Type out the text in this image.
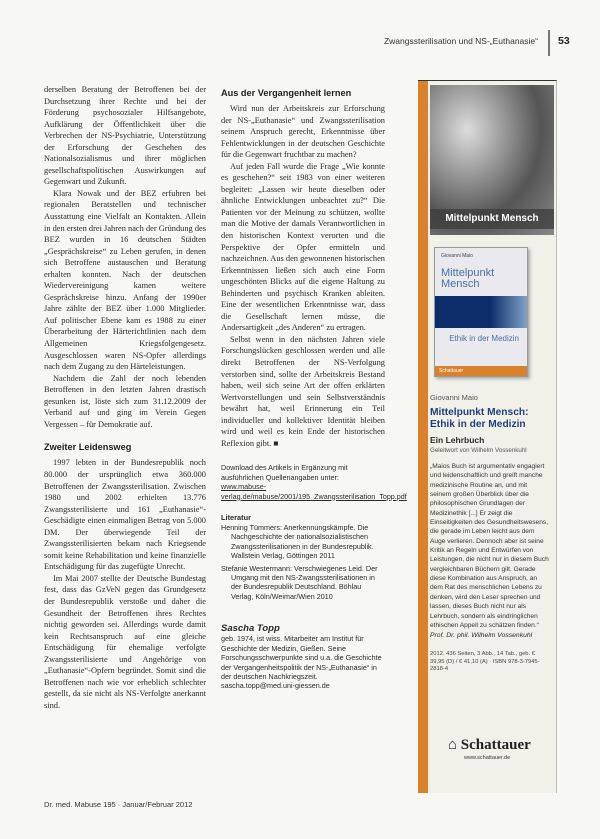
Zwangssterilisation und NS-„Euthanasie“ 53

derselben Beratung der Betroffenen bei der Durchsetzung ihrer Rechte und bei der Förderung psychosozialer Hilfsangebote, Aufklärung der Öffentlichkeit über die Verbrechen der NS-Psychiatrie, Unterstützung der Erforschung der Geschehen des Nationalsozialismus und ihrer möglichen gesellschaftspolitischen Auswirkungen auf Gegenwart und Zukunft.

Klara Nowak und der BEZ erfuhren bei regionalen Beratstellen und technischer Ausstattung eine Vielfalt an Kontakten. Allein in den ersten drei Jahren nach der Gründung des BEZ wurden in 16 deutschen Städten „Gesprächskreise“ zu Leben gerufen, in denen sich Betroffene austauschen und Beratung erhalten konnten. Nach der deutschen Wiedervereinigung kamen weitere Gesprächskreise hinzu. Anfang der 1990er Jahre zählte der BEZ über 1.000 Mitglieder. Auf politischer Ebene kam es 1988 zu einer Überarbeitung der Härterichtlinien nach dem Allgemeinen Kriegsfolgengesetz. Ausgeschlossen waren NS-Opfer allerdings nach dem Zugang zu den Härteleistungen.

Nachdem die Zahl der noch lebenden Betroffenen in den letzten Jahren drastisch gesunken ist, löste sich zum 31.12.2009 der Verband auf und ging im Verein Gegen Vergessen – für Demokratie auf.

Zweiter Leidensweg

1997 lebten in der Bundesrepublik noch 80.000 der ursprünglich etwa 360.000 Betroffenen der Zwangssterilisation. Zwischen 1980 und 2002 erhielten 13.776 Zwangssterilisierte und 161 „Euthanasie“-Geschädigte einen einmaligen Betrag von 5.000 DM. Der überwiegende Teil der Zwangssterilisierten bekam nach Kriegsende somit keine Rehabilitation und keine finanzielle Entschädigung für das zugefügte Unrecht.

Im Mai 2007 stellte der Deutsche Bundestag fest, dass das GzVeN gegen das Grundgesetz der Bundesrepublik verstoße und daher die Gesundheit der Betroffenen ihres Rechtes nichtig geworden sei. Allerdings wurde damit kein Rechtsanspruch auf eine gleiche Entschädigung für ehemalige verfolgte Zwangssterilisierte und Angehörige von „Euthanasie“-Opfern begründet. Somit sind die Betroffenen nach wie vor erheblich schlechter gestellt, da sie nicht als NS-Verfolgte anerkannt sind.

Aus der Vergangenheit lernen

Wird nun der Arbeitskreis zur Erforschung der NS-„Euthanasie“ und Zwangssterilisation seinem Anspruch gerecht, Erkenntnisse über Fehlentwicklungen in der deutschen Geschichte für die Gegenwart fruchtbar zu machen?

Auf jeden Fall wurde die Frage „Wie konnte es geschehen?“ seit 1983 von einer weiteren begleitet: „Lassen wir heute dieselben oder ähnliche Entwicklungen unbeachtet zu?“ Die Patienten vor der Meinung zu schützen, wollte man die Motive der damals Verantwortlichen in den historischen Kontext verorten und die Perspektive der Opfer ermitteln und nachzeichnen. Aus den gewonnenen historischen Erkenntnissen ließen sich auch eine Form ungeschönten Blicks auf die eigene Haltung zu Behinderten und psychisch Kranken ableiten. Eine der wesentlichen Erkenntnisse war, dass die Gesellschaft lernen müsse, die Andersartigkeit „des Anderen“ zu ertragen.

Selbst wenn in den nächsten Jahren viele Forschungslücken geschlossen werden und alle direkt Betroffenen der NS-Verfolgung verstorben sind, sollte der Arbeitskreis Bestand haben, weil sich seine Art der offen erklärten Wertvorstellungen und sein Selbstverständnis bewährt hat, weil Erinnerung ein Teil individueller und kollektiver Identität bleiben wird und weil es kein Ende der historischen Reflexion gibt. ■

Download des Artikels in Ergänzung mit ausführlichen Quellenangaben unter: www.mabuse-verlag.de/mabuse/2001/195_Zwangssterilisation_Topp.pdf
Literatur
Henning Tümmers: Anerkennungskämpfe. Die Nachgeschichte der nationalsozialistischen Zwangssterilisationen in der Bundesrepublik. Wallstein Verlag, Göttingen 2011
Stefanie Westermann: Verschwiegenes Leid. Der Umgang mit den NS-Zwangssterilisationen in der Bundesrepublik Deutschland. Böhlau Verlag, Köln/Weimar/Wien 2010
Sascha Topp
geb. 1974, ist wiss. Mitarbeiter am Institut für Geschichte der Medizin, Gießen. Seine Forschungsschwerpunkte sind u.a. die Geschichte der Vergangenheitspolitik der NS-„Euthanasie“ in der deutschen Nachkriegszeit. sascha.topp@med.uni-giessen.de
Dr. med. Mabuse 195 · Januar/Februar 2012
Mittelpunkt Mensch
Giovanni Maio
Mittelpunkt Mensch
Ethik in der Medizin
Schattauer
Giovanni Maio
Mittelpunkt Mensch: Ethik in der Medizin
Ein Lehrbuch
Geleitwort von Wilhelm Vossenkuhl
„Maios Buch ist argumentativ engagiert und leidenschaftlich und greift manche medizinische Routine an, und mit seinem großen Überblick über die philosophischen Grundlagen der Medizinethik [...] Er zeigt die Einseitigkeiten des Gesundheitswesens, die gerade im Leben leicht aus dem Auge verlieren. Dennoch aber ist seine Kritik an Regeln und Entwürfen von Leistungen, die nicht nur in diesem Buch vergleichbaren Büchern gilt. Gerade diese Kombination aus Anspruch, an dem Rat des menschlichen Lebens zu denken, wird den Leser sprechen und lassen, dieses Buch nicht nur als Lehrbuch, sondern als eindringlichen ethischen Appell zu schätzen finden.“
Prof. Dr. phil. Wilhelm Vossenkuhl
2012. 436 Seiten, 3 Abb., 14 Tab., geb. € 39,95 (D) / € 41,10 (A) · ISBN 978-3-7945-2818-4
⌂ Schattauer
www.schattauer.de
